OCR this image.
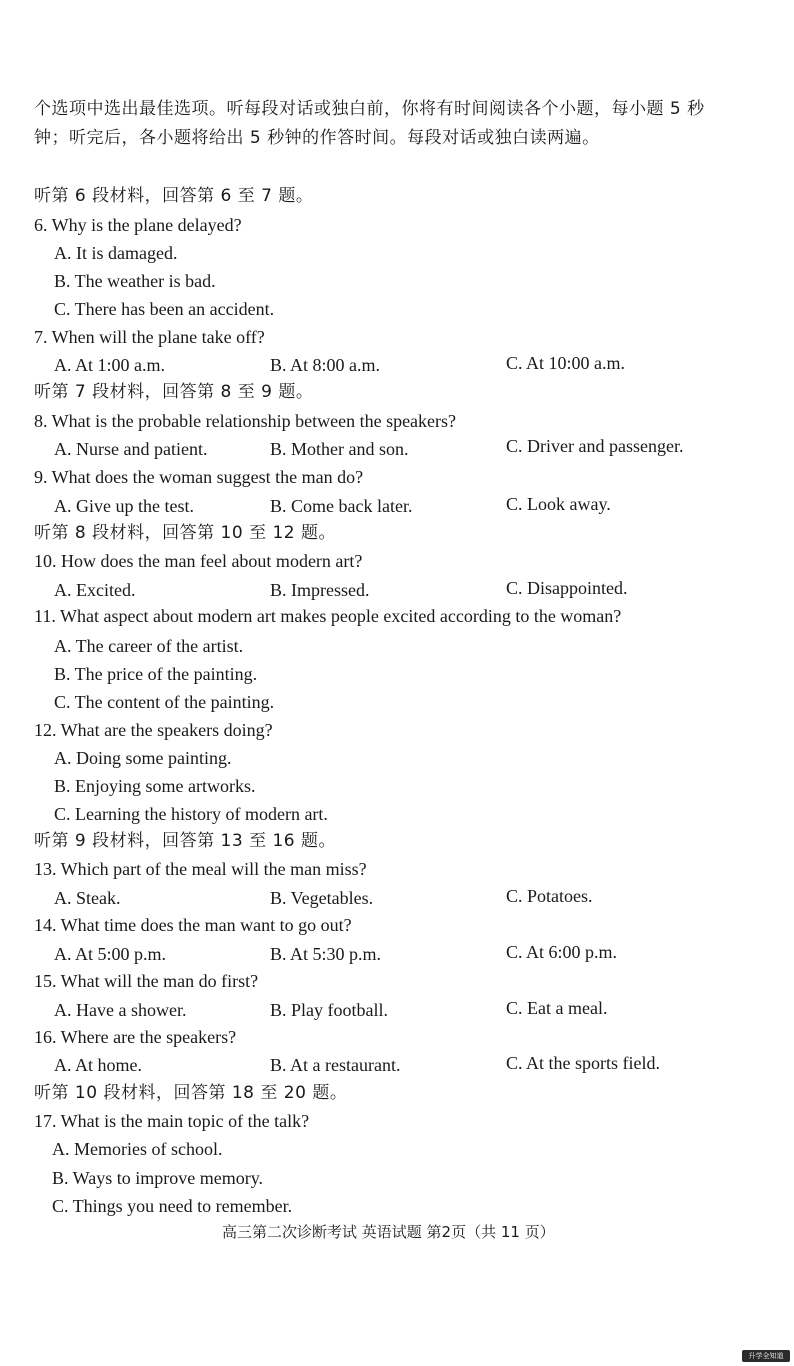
个选项中选出最佳选项。听每段对话或独白前，你将有时间阅读各个小题，每小题 5 秒
钟；听完后，各小题将给出 5 秒钟的作答时间。每段对话或独白读两遍。
听第 6 段材料，回答第 6 至 7 题。
6. Why is the plane delayed?
A. It is damaged.
B. The weather is bad.
C. There has been an accident.
7. When will the plane take off?
A. At 1:00 a.m.	B. At 8:00 a.m.	C. At 10:00 a.m.
听第 7 段材料，回答第 8 至 9 题。
8. What is the probable relationship between the speakers?
A. Nurse and patient.	B. Mother and son.	C. Driver and passenger.
9. What does the woman suggest the man do?
A. Give up the test.	B. Come back later.	C. Look away.
听第 8 段材料，回答第 10 至 12 题。
10. How does the man feel about modern art?
A. Excited.	B. Impressed.	C. Disappointed.
11. What aspect about modern art makes people excited according to the woman?
A. The career of the artist.
B. The price of the painting.
C. The content of the painting.
12. What are the speakers doing?
A. Doing some painting.
B. Enjoying some artworks.
C. Learning the history of modern art.
听第 9 段材料，回答第 13 至 16 题。
13. Which part of the meal will the man miss?
A. Steak.	B. Vegetables.	C. Potatoes.
14. What time does the man want to go out?
A. At 5:00 p.m.	B. At 5:30 p.m.	C. At 6:00 p.m.
15. What will the man do first?
A. Have a shower.	B. Play football.	C. Eat a meal.
16. Where are the speakers?
A. At home.	B. At a restaurant.	C. At the sports field.
听第 10 段材料，回答第 18 至 20 题。
17. What is the main topic of the talk?
A. Memories of school.
B. Ways to improve memory.
C. Things you need to remember.
高三第二次诊断考试 英语试题 第2页（共 11 页）
升学全知道
